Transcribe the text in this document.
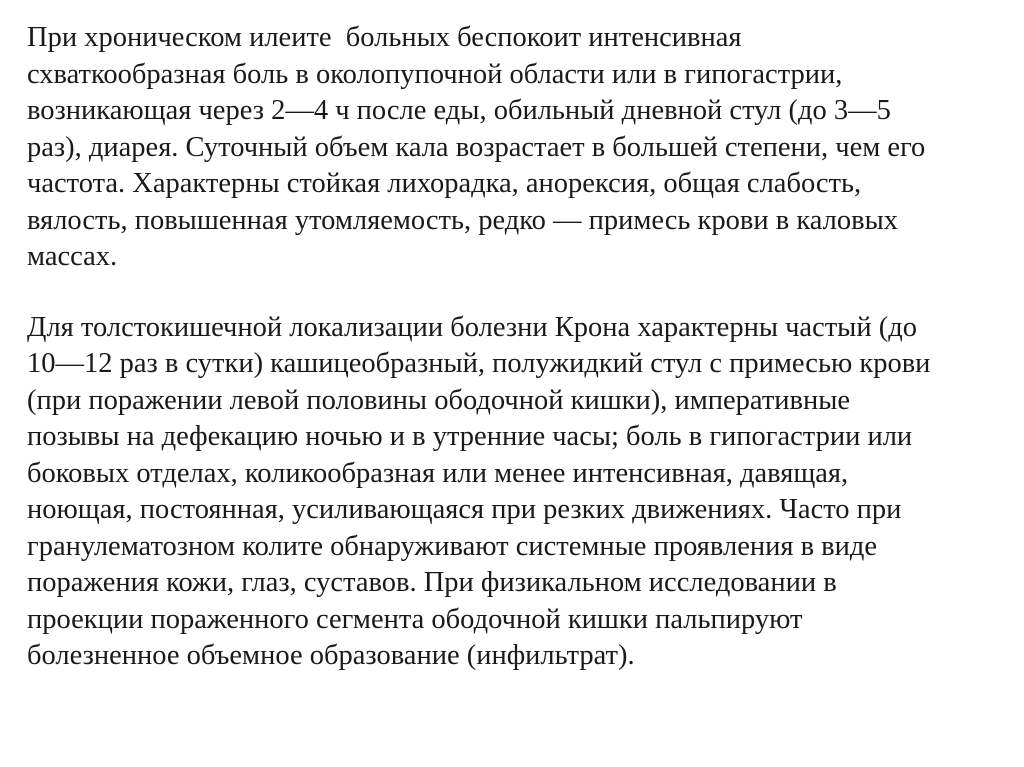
При хроническом илеите  больных беспокоит интенсивная
схваткообразная боль в околопупочной области или в гипогастрии,
возникающая через 2—4 ч после еды, обильный дневной стул (до 3—5
раз), диарея. Суточный объем кала возрастает в большей степени, чем его
частота. Характерны стойкая лихорадка, анорексия, общая слабость,
вялость, повышенная утомляемость, редко — примесь крови в каловых
массах.

Для толстокишечной локализации болезни Крона характерны частый (до
10—12 раз в сутки) кашицеобразный, полужидкий стул с примесью крови
(при поражении левой половины ободочной кишки), императивные
позывы на дефекацию ночью и в утренние часы; боль в гипогастрии или
боковых отделах, коликообразная или менее интенсивная, давящая,
ноющая, постоянная, усиливающаяся при резких движениях. Часто при
гранулематозном колите обнаруживают системные проявления в виде
поражения кожи, глаз, суставов. При физикальном исследовании в
проекции пораженного сегмента ободочной кишки пальпируют
болезненное объемное образование (инфильтрат).
